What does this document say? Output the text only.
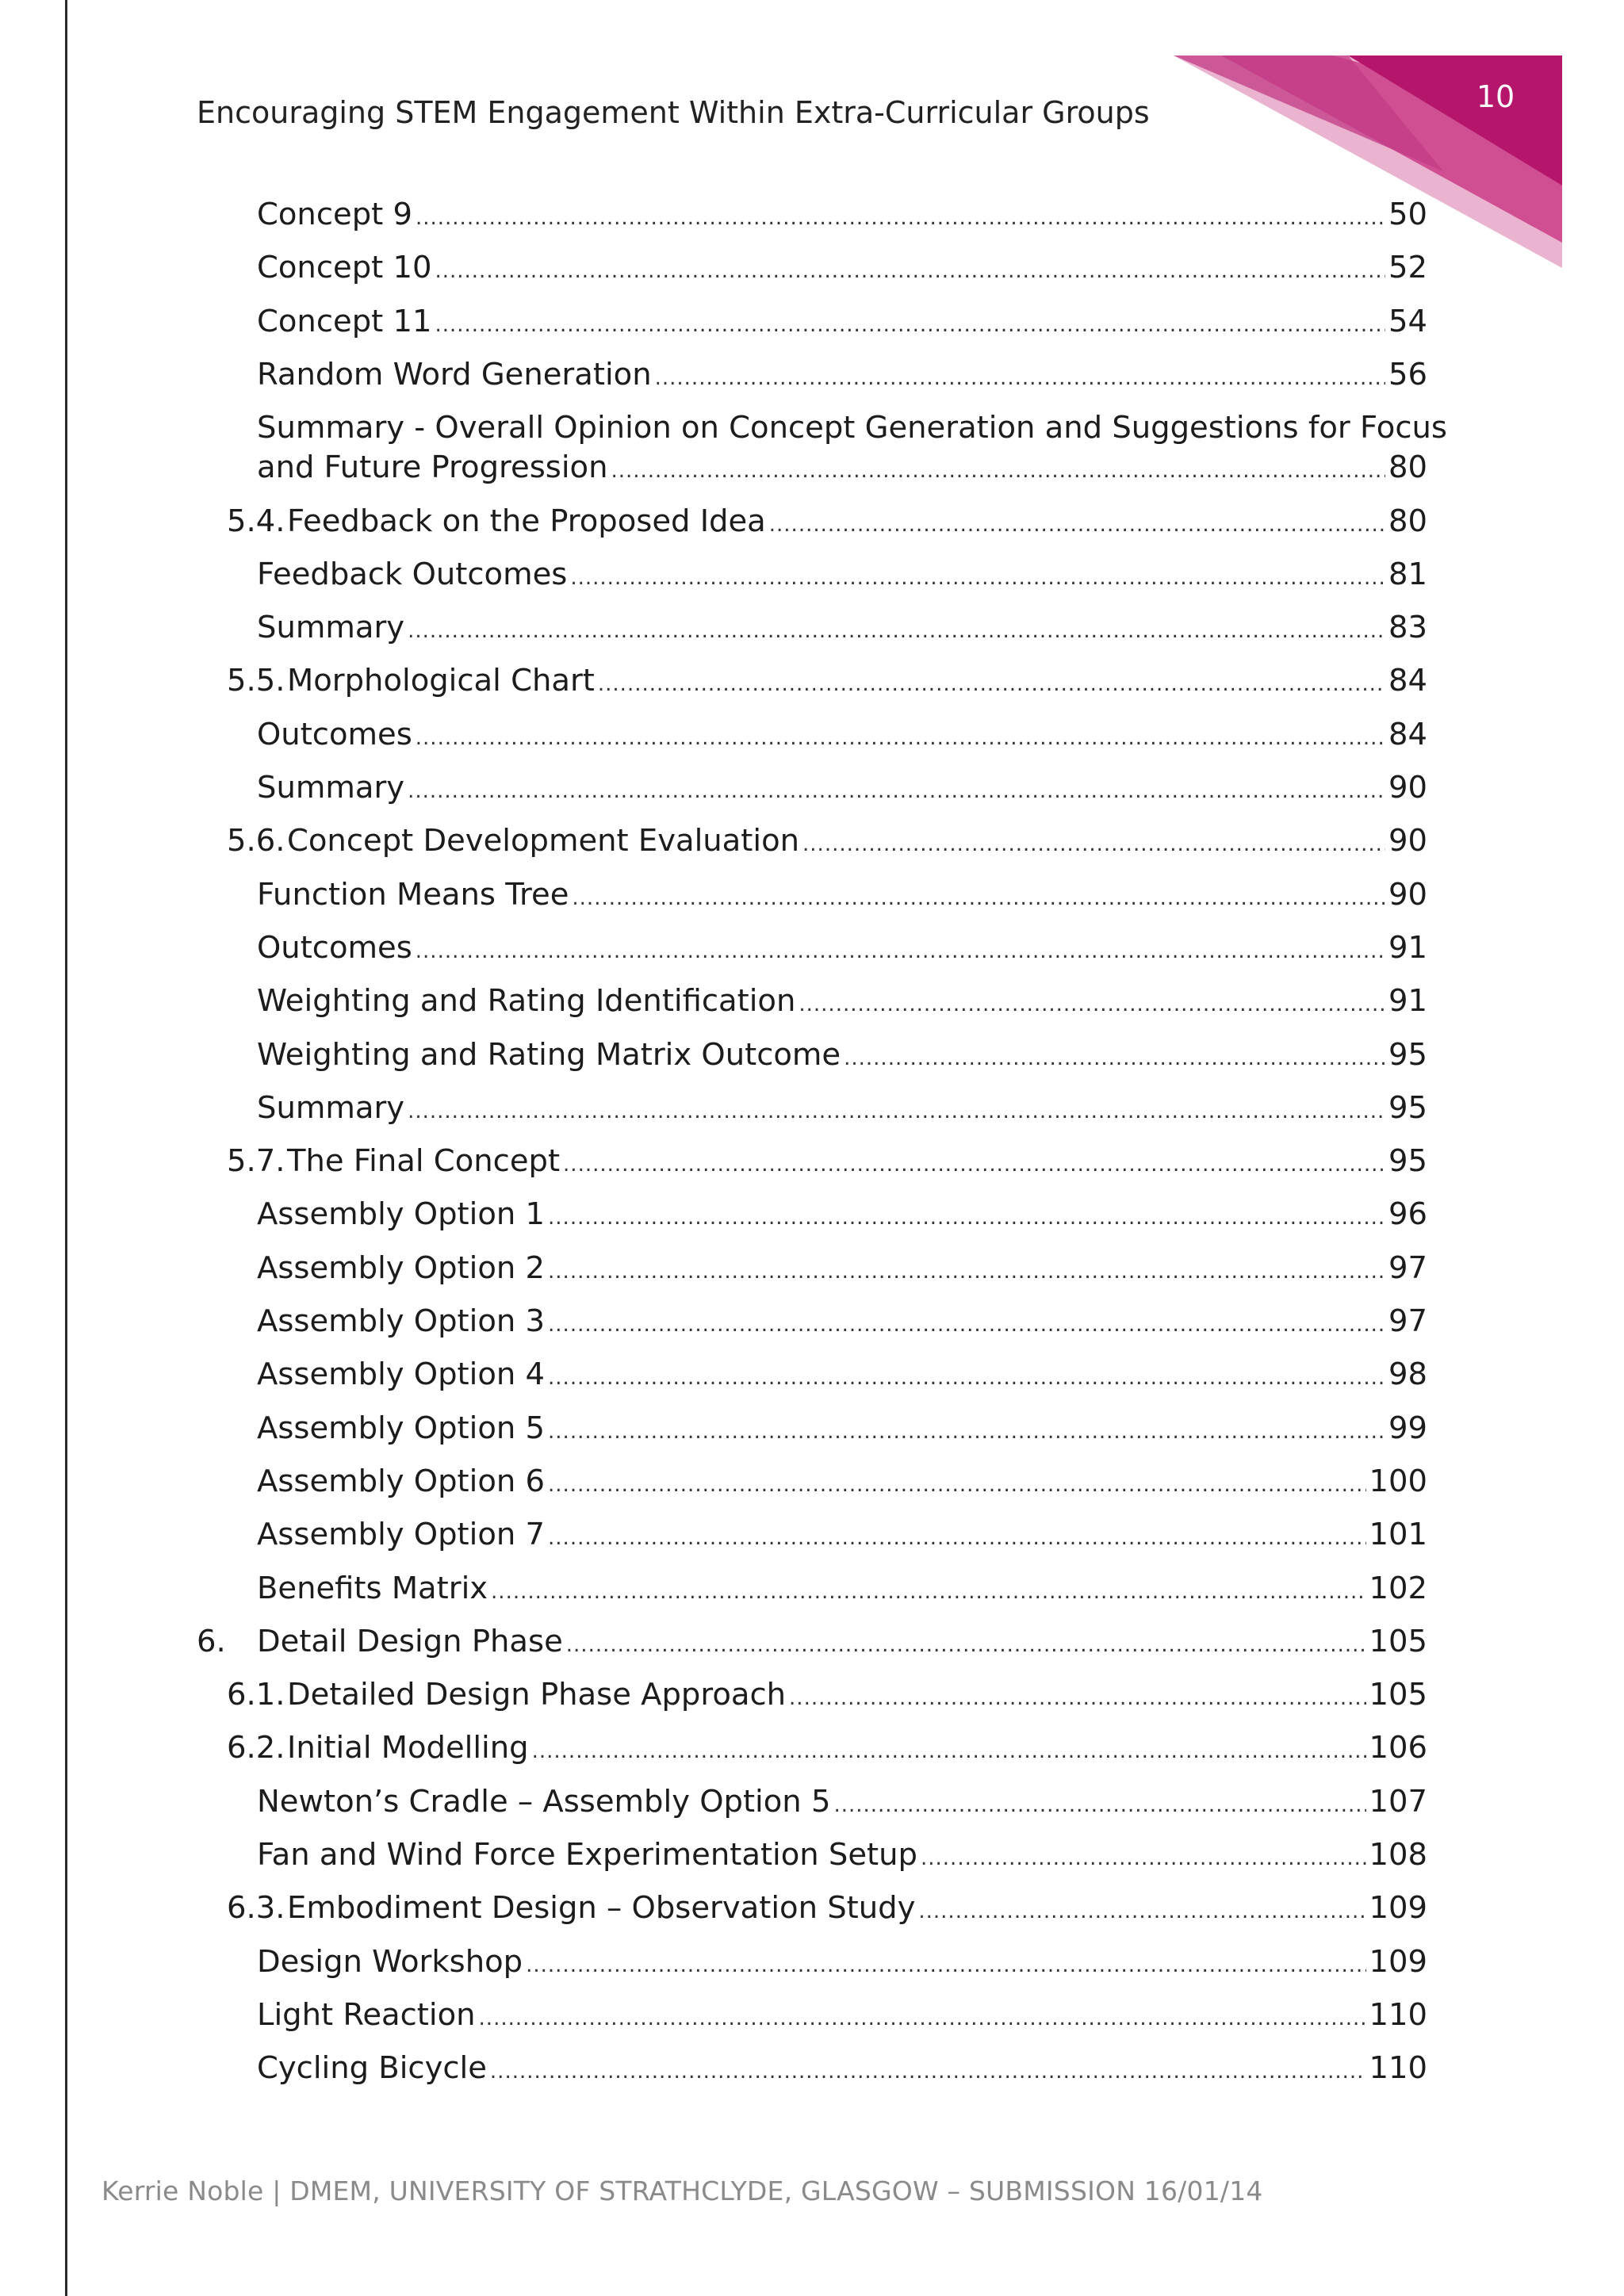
10
Encouraging STEM Engagement Within Extra-Curricular Groups
Concept 9 .....	50
Concept 10 .....	52
Concept 11 .....	54
Random Word Generation .....	56
Summary - Overall Opinion on Concept Generation and Suggestions for Focus
and Future Progression .....	80
5.4. Feedback on the Proposed Idea .....	80
Feedback Outcomes .....	81
Summary .....	83
5.5. Morphological Chart .....	84
Outcomes .....	84
Summary .....	90
5.6. Concept Development Evaluation .....	90
Function Means Tree .....	90
Outcomes .....	91
Weighting and Rating Identification .....	91
Weighting and Rating Matrix Outcome .....	95
Summary .....	95
5.7. The Final Concept .....	95
Assembly Option 1 .....	96
Assembly Option 2 .....	97
Assembly Option 3 .....	97
Assembly Option 4 .....	98
Assembly Option 5 .....	99
Assembly Option 6 .....	100
Assembly Option 7 .....	101
Benefits Matrix .....	102
6.	Detail Design Phase .....	105
6.1. Detailed Design Phase Approach .....	105
6.2. Initial Modelling .....	106
Newton’s Cradle – Assembly Option 5 .....	107
Fan and Wind Force Experimentation Setup .....	108
6.3. Embodiment Design – Observation Study .....	109
Design Workshop .....	109
Light Reaction .....	110
Cycling Bicycle .....	110
Kerrie Noble | DMEM, UNIVERSITY OF STRATHCLYDE, GLASGOW – SUBMISSION 16/01/14
